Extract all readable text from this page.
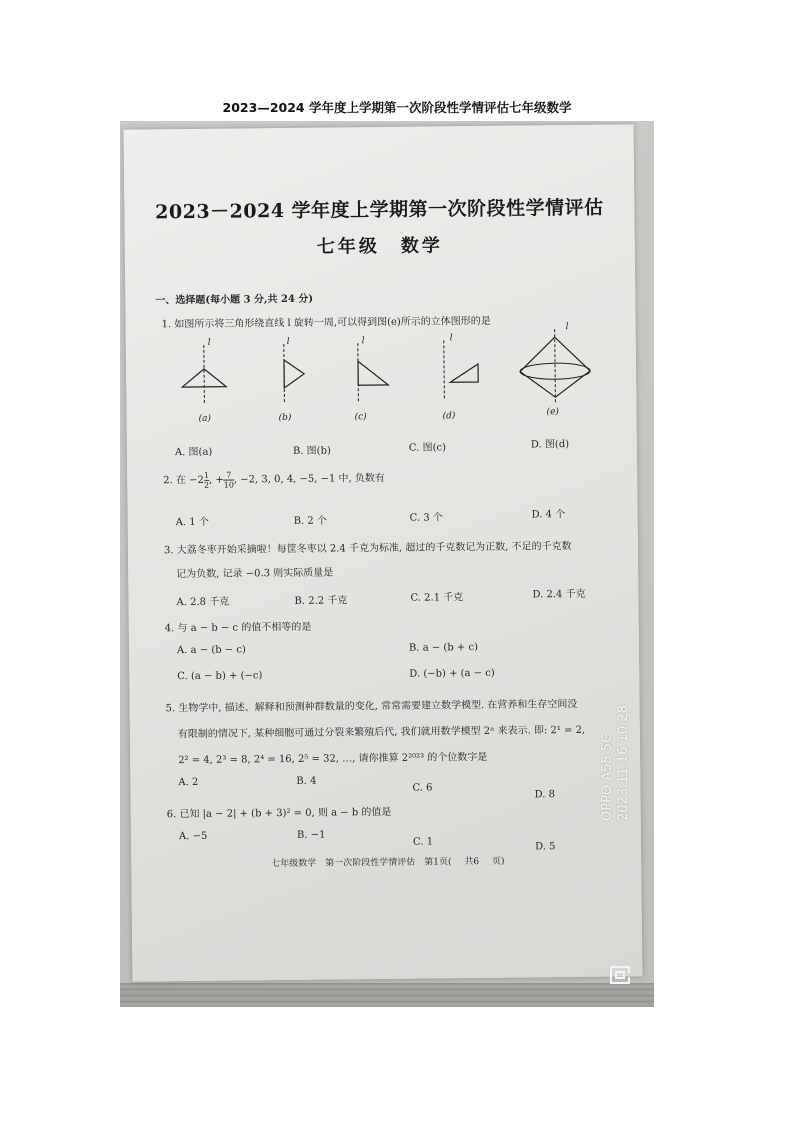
2023—2024 学年度上学期第一次阶段性学情评估七年级数学
2023－2024 学年度上学期第一次阶段性学情评估
七年级　数学
一、选择题(每小题 3 分,共 24 分)
1. 如图所示将三角形绕直线 l 旋转一周,可以得到图(e)所示的立体图形的是
l
(a)
l
(b)
l
(c)
l
(d)
l
(e)
A. 图(a)	B. 图(b)	C. 图(c)	D. 图(d)
2. 在 $-2 \frac{1}{2}$ , + $\frac{7}{10}$ , −2, 3, 0, 4, −5, −1 中, 负数有
A. 1 个	B. 2 个	C. 3 个	D. 4 个
3. 大荔冬枣开始采摘啦！每筐冬枣以 2.4 千克为标准, 超过的千克数记为正数, 不足的千克数
记为负数, 记录 −0.3 则实际质量是
A. 2.8 千克	B. 2.2 千克	C. 2.1 千克	D. 2.4 千克
4. 与 a − b − c 的值不相等的是
A. a − (b − c)	B. a − (b + c)
C. (a − b) + (−c)	D. (−b) + (a − c)
5. 生物学中, 描述、解释和预测种群数量的变化, 常常需要建立数学模型. 在营养和生存空间没
有限制的情况下, 某种细胞可通过分裂来繁殖后代, 我们就用数学模型 2ⁿ 来表示. 即: 2¹ = 2,
2² = 4, 2³ = 8, 2⁴ = 16, 2⁵ = 32, …, 请你推算 2²⁰²³ 的个位数字是
A. 2	B. 4
C. 6
D. 8
6. 已知 |a − 2| + (b + 3)² = 0, 则 a − b 的值是
A. −5	B. −1
C. 1	D. 5
七年级数学　第一次阶段性学情评估　第1页( 共6 页)
OPPO A55 5G 2023.11.16 10:28
